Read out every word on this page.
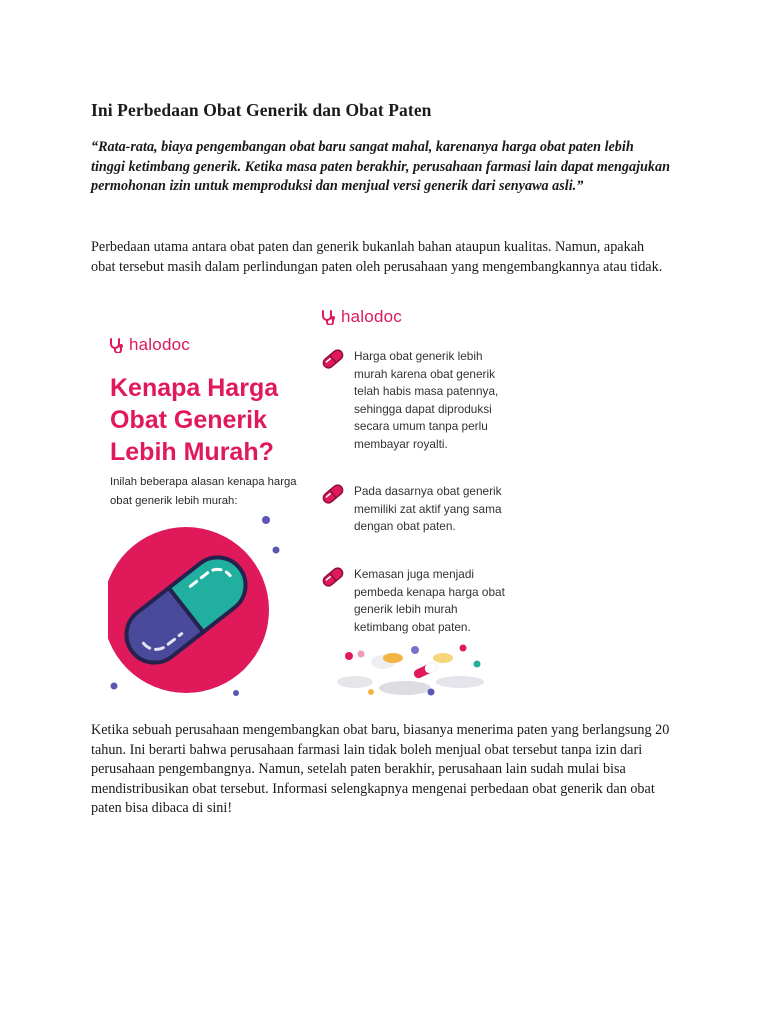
Ini Perbedaan Obat Generik dan Obat Paten

“Rata-rata, biaya pengembangan obat baru sangat mahal, karenanya harga obat paten lebih tinggi ketimbang generik. Ketika masa paten berakhir, perusahaan farmasi lain dapat mengajukan permohonan izin untuk memproduksi dan menjual versi generik dari senyawa asli.”

Perbedaan utama antara obat paten dan generik bukanlah bahan ataupun kualitas. Namun, apakah obat tersebut masih dalam perlindungan paten oleh perusahaan yang mengembangkannya atau tidak.

halodoc
halodoc
Kenapa Harga Obat Generik Lebih Murah?

Inilah beberapa alasan kenapa harga obat generik lebih murah:

Harga obat generik lebih murah karena obat generik telah habis masa patennya, sehingga dapat diproduksi secara umum tanpa perlu membayar royalti.

Pada dasarnya obat generik memiliki zat aktif yang sama dengan obat paten.

Kemasan juga menjadi pembeda kenapa harga obat generik lebih murah ketimbang obat paten.

Ketika sebuah perusahaan mengembangkan obat baru, biasanya menerima paten yang berlangsung 20 tahun. Ini berarti bahwa perusahaan farmasi lain tidak boleh menjual obat tersebut tanpa izin dari perusahaan pengembangnya. Namun, setelah paten berakhir, perusahaan lain sudah mulai bisa mendistribusikan obat tersebut. Informasi selengkapnya mengenai perbedaan obat generik dan obat paten bisa dibaca di sini!
